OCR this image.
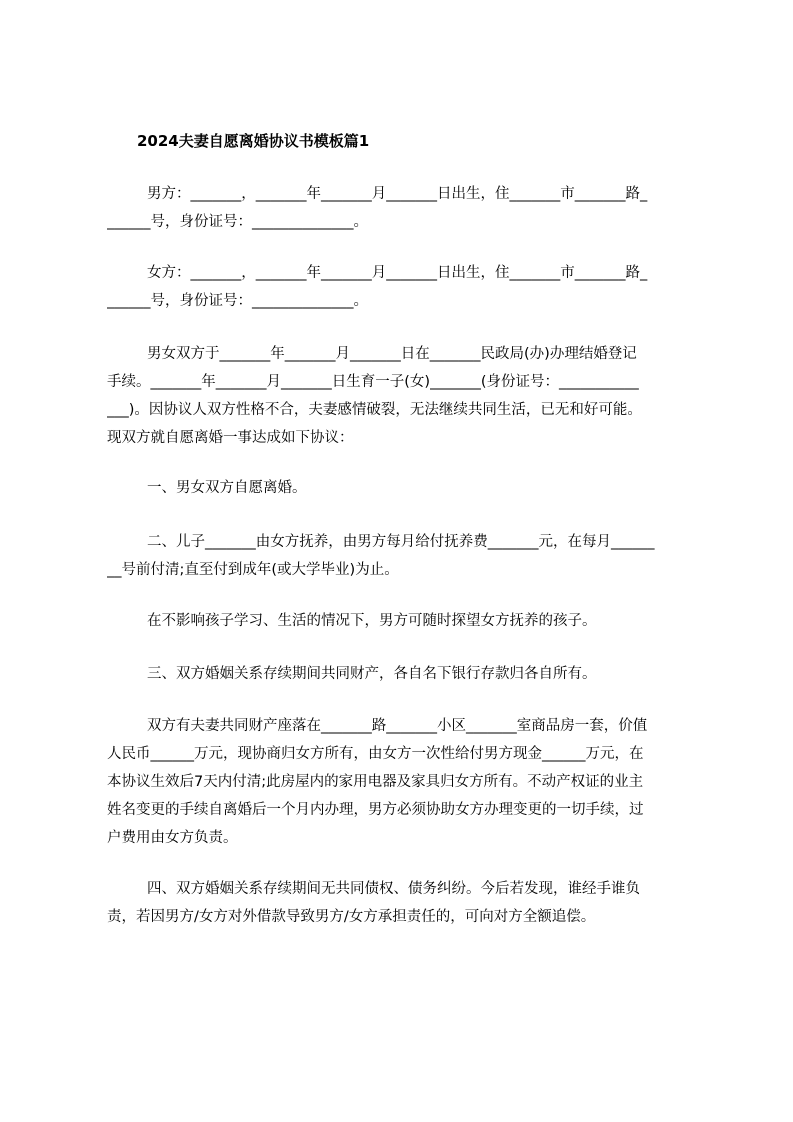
2024夫妻自愿离婚协议书模板篇1
男方：_______，_______年_______月_______日出生，住_______市_______路_
______号，身份证号：______________。
女方：_______，_______年_______月_______日出生，住_______市_______路_
______号，身份证号：______________。
男女双方于_______年_______月_______日在_______民政局(办)办理结婚登记
手续。_______年_______月_______日生育一子(女)_______(身份证号：___________
___)。因协议人双方性格不合，夫妻感情破裂，无法继续共同生活，已无和好可能。
现双方就自愿离婚一事达成如下协议：
一、男女双方自愿离婚。
二、儿子_______由女方抚养，由男方每月给付抚养费_______元，在每月______
__号前付清;直至付到成年(或大学毕业)为止。
在不影响孩子学习、生活的情况下，男方可随时探望女方抚养的孩子。
三、双方婚姻关系存续期间共同财产，各自名下银行存款归各自所有。
双方有夫妻共同财产座落在_______路_______小区_______室商品房一套，价值
人民币______万元，现协商归女方所有，由女方一次性给付男方现金______万元，在
本协议生效后7天内付清;此房屋内的家用电器及家具归女方所有。不动产权证的业主
姓名变更的手续自离婚后一个月内办理，男方必须协助女方办理变更的一切手续，过
户费用由女方负责。
四、双方婚姻关系存续期间无共同债权、债务纠纷。今后若发现，谁经手谁负
责，若因男方/女方对外借款导致男方/女方承担责任的，可向对方全额追偿。
